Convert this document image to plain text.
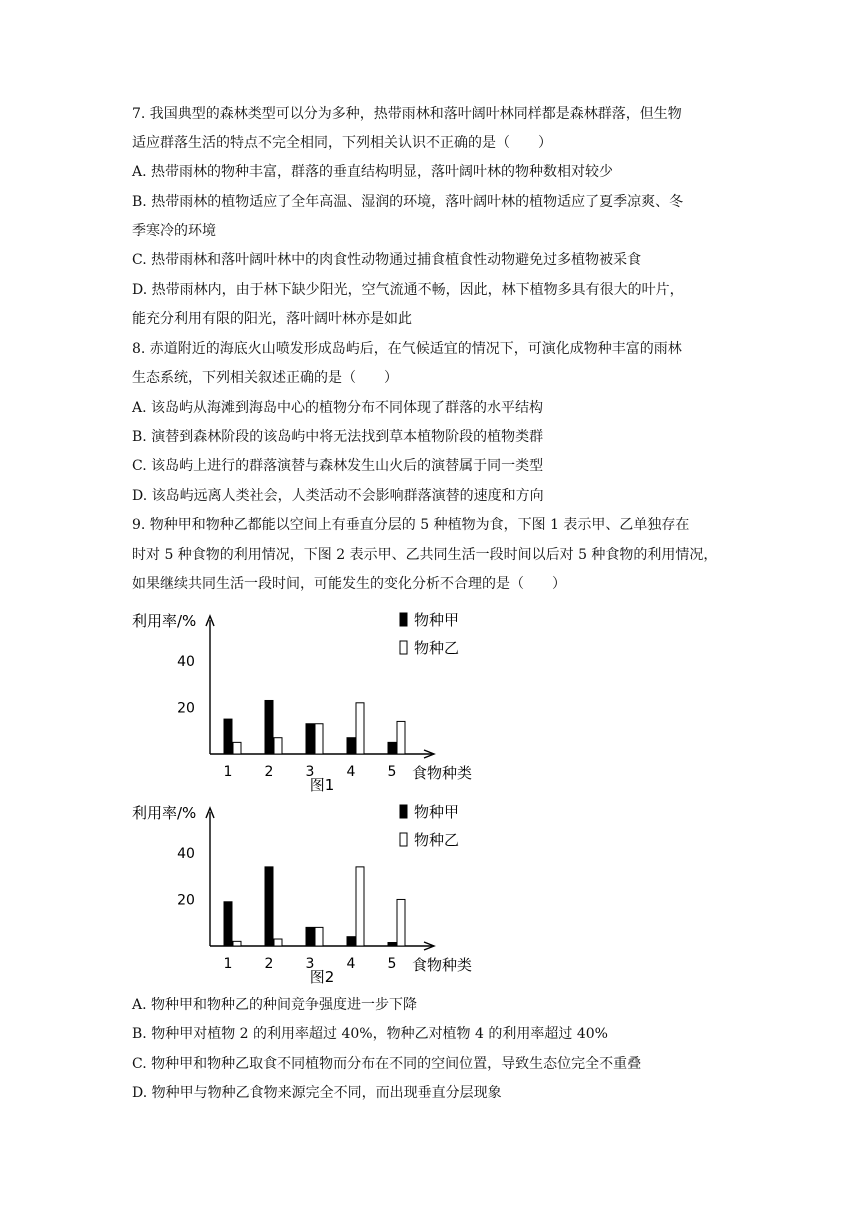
7. 我国典型的森林类型可以分为多种，热带雨林和落叶阔叶林同样都是森林群落，但生物
适应群落生活的特点不完全相同，下列相关认识不正确的是（　　）
A. 热带雨林的物种丰富，群落的垂直结构明显，落叶阔叶林的物种数相对较少
B. 热带雨林的植物适应了全年高温、湿润的环境，落叶阔叶林的植物适应了夏季凉爽、冬
季寒冷的环境
C. 热带雨林和落叶阔叶林中的肉食性动物通过捕食植食性动物避免过多植物被采食
D. 热带雨林内，由于林下缺少阳光，空气流通不畅，因此，林下植物多具有很大的叶片，
能充分利用有限的阳光，落叶阔叶林亦是如此
8. 赤道附近的海底火山喷发形成岛屿后，在气候适宜的情况下，可演化成物种丰富的雨林
生态系统，下列相关叙述正确的是（　　）
A. 该岛屿从海滩到海岛中心的植物分布不同体现了群落的水平结构
B. 演替到森林阶段的该岛屿中将无法找到草本植物阶段的植物类群
C. 该岛屿上进行的群落演替与森林发生山火后的演替属于同一类型
D. 该岛屿远离人类社会，人类活动不会影响群落演替的速度和方向
9. 物种甲和物种乙都能以空间上有垂直分层的 5 种植物为食，下图 1 表示甲、乙单独存在
时对 5 种食物的利用情况，下图 2 表示甲、乙共同生活一段时间以后对 5 种食物的利用情况，
如果继续共同生活一段时间，可能发生的变化分析不合理的是（　　）
利用率/%
20
40
1 2 3 4 5 食物种类
图1
物种甲
物种乙
利用率/%
20
40
1 2 3 4 5 食物种类
图2
物种甲
物种乙
A. 物种甲和物种乙的种间竞争强度进一步下降
B. 物种甲对植物 2 的利用率超过 40%，物种乙对植物 4 的利用率超过 40%
C. 物种甲和物种乙取食不同植物而分布在不同的空间位置，导致生态位完全不重叠
D. 物种甲与物种乙食物来源完全不同，而出现垂直分层现象
